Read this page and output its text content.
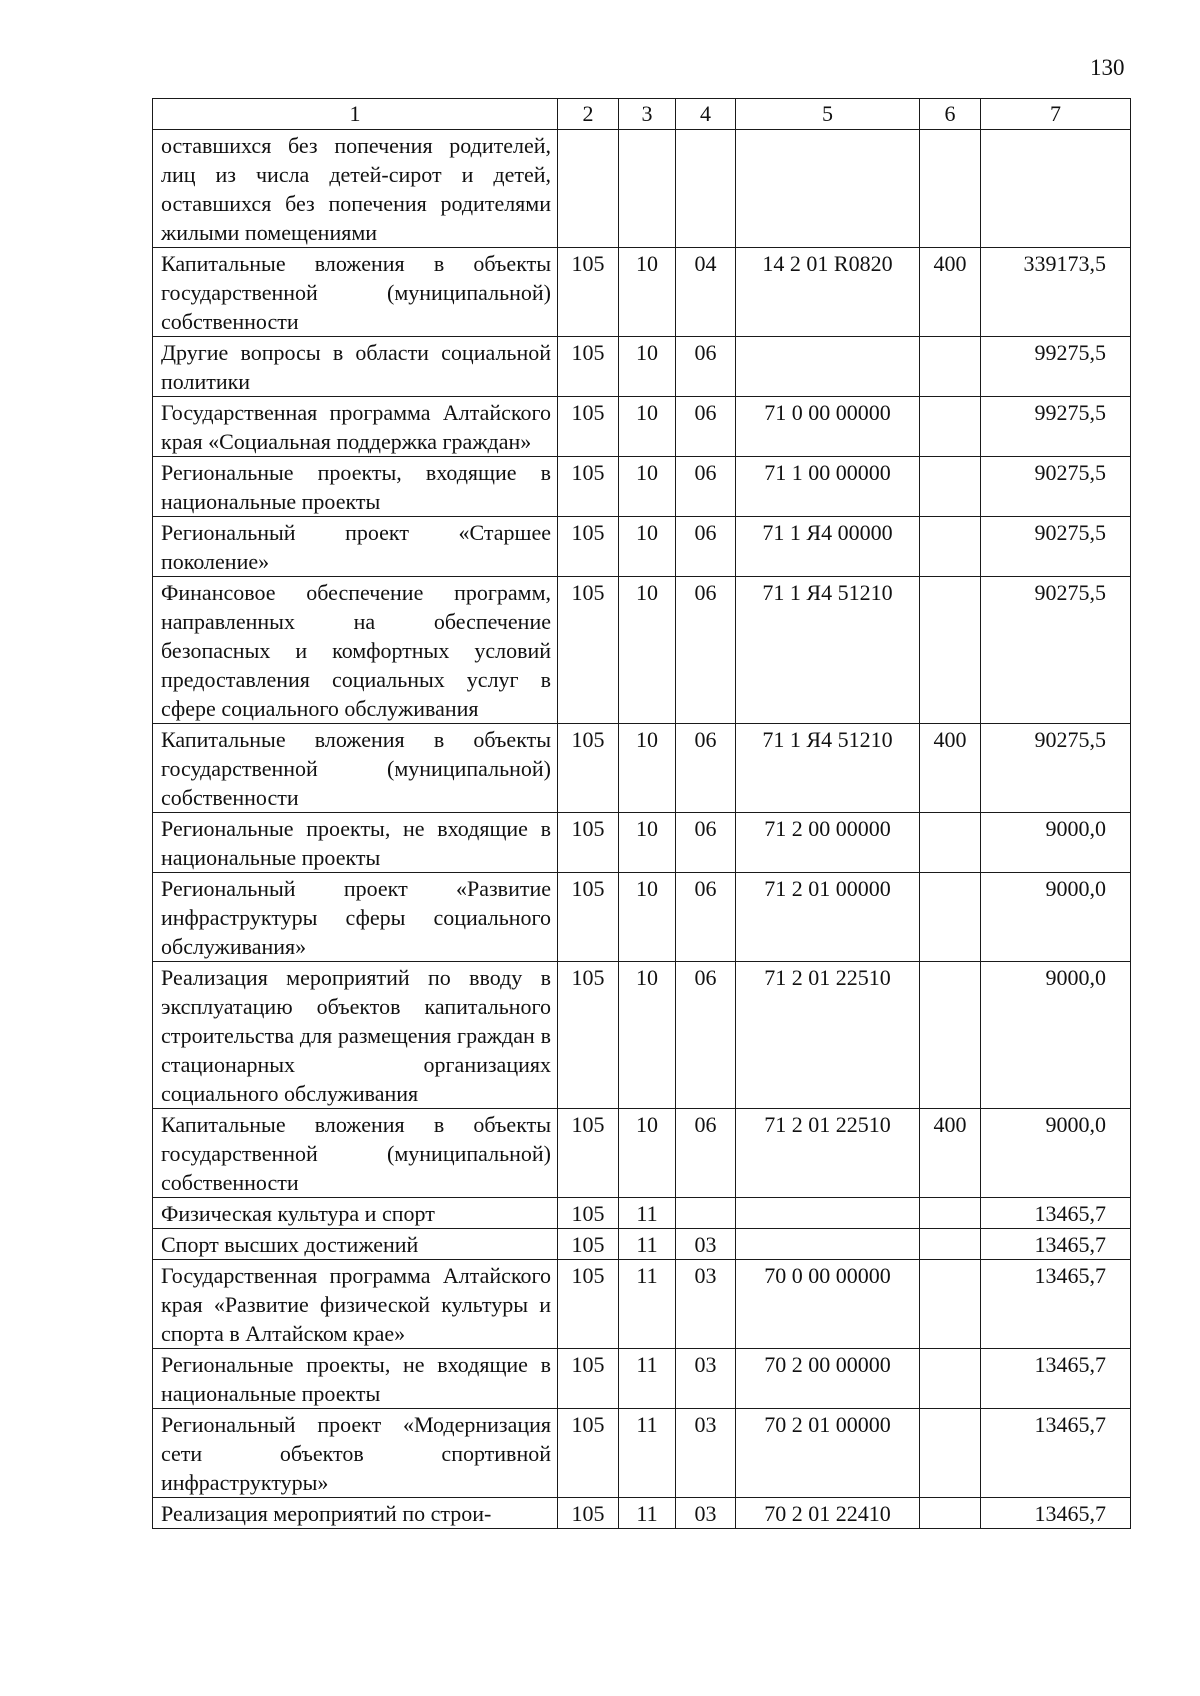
130
1	2	3	4	5	6	7
оставшихся без попечения родителей, лиц из числа детей-сирот и детей, оставшихся без попечения родителями жилыми помещениями						
Капитальные вложения в объекты государственной (муниципальной) собственности	105	10	04	14 2 01 R0820	400	339173,5
Другие вопросы в области социальной политики	105	10	06			99275,5
Государственная программа Алтайского края «Социальная поддержка граждан»	105	10	06	71 0 00 00000		99275,5
Региональные проекты, входящие в национальные проекты	105	10	06	71 1 00 00000		90275,5
Региональный проект «Старшее поколение»	105	10	06	71 1 Я4 00000		90275,5
Финансовое обеспечение программ, направленных на обеспечение безопасных и комфортных условий предоставления социальных услуг в сфере социального обслуживания	105	10	06	71 1 Я4 51210		90275,5
Капитальные вложения в объекты государственной (муниципальной) собственности	105	10	06	71 1 Я4 51210	400	90275,5
Региональные проекты, не входящие в национальные проекты	105	10	06	71 2 00 00000		9000,0
Региональный проект «Развитие инфраструктуры сферы социального обслуживания»	105	10	06	71 2 01 00000		9000,0
Реализация мероприятий по вводу в эксплуатацию объектов капитального строительства для размещения граждан в стационарных организациях социального обслуживания	105	10	06	71 2 01 22510		9000,0
Капитальные вложения в объекты государственной (муниципальной) собственности	105	10	06	71 2 01 22510	400	9000,0
Физическая культура и спорт	105	11				13465,7
Спорт высших достижений	105	11	03			13465,7
Государственная программа Алтайского края «Развитие физической культуры и спорта в Алтайском крае»	105	11	03	70 0 00 00000		13465,7
Региональные проекты, не входящие в национальные проекты	105	11	03	70 2 00 00000		13465,7
Региональный проект «Модернизация сети объектов спортивной инфраструктуры»	105	11	03	70 2 01 00000		13465,7
Реализация мероприятий по строи-	105	11	03	70 2 01 22410		13465,7
